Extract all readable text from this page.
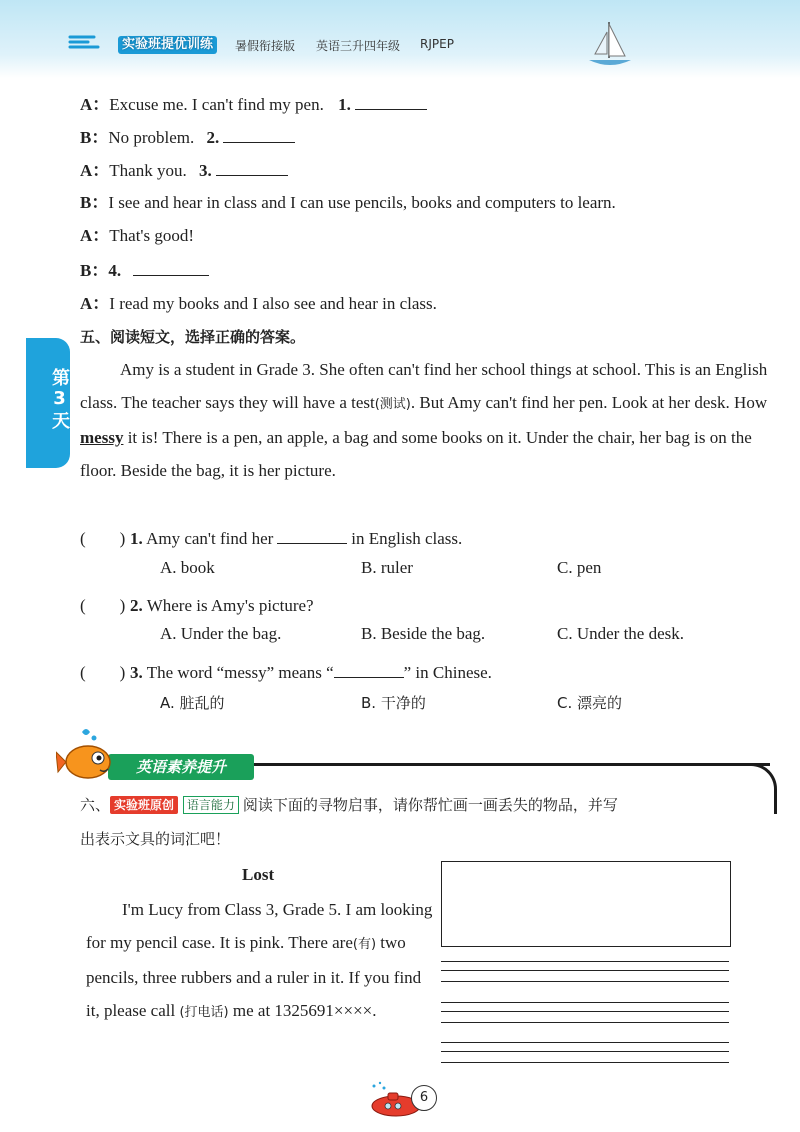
实验班提优训练	暑假衔接版 英语三升四年级 RJPEP
第3天
A：Excuse me. I can't find my pen. 1.
B：No problem. 2.
A：Thank you. 3.
B：I see and hear in class and I can use pencils, books and computers to learn.
A：That's good!
B：4.
A：I read my books and I also see and hear in class.
五、阅读短文，选择正确的答案。

Amy is a student in Grade 3. She often can't find her school things at school. This is an English class. The teacher says they will have a test(测试). But Amy can't find her pen. Look at her desk. How messy it is! There is a pen, an apple, a bag and some books on it. Under the chair, her bag is on the floor. Beside the bag, it is her picture.

(　　) 1. Amy can't find her	in English class.
A. book	B. ruler	C. pen
(　　) 2. Where is Amy's picture?
A. Under the bag.	B. Beside the bag.	C. Under the desk.
(　　) 3. The word “messy” means “	” in Chinese.
A. 脏乱的	B. 干净的	C. 漂亮的
英语素养提升
六、 实验班原创 语言能力 阅读下面的寻物启事，请你帮忙画一画丢失的物品，并写
出表示文具的词汇吧！
Lost

I'm Lucy from Class 3, Grade 5. I am looking for my pencil case. It is pink. There are(有) two pencils, three rubbers and a ruler in it. If you find it, please call (打电话) me at 1325691××××.

6
